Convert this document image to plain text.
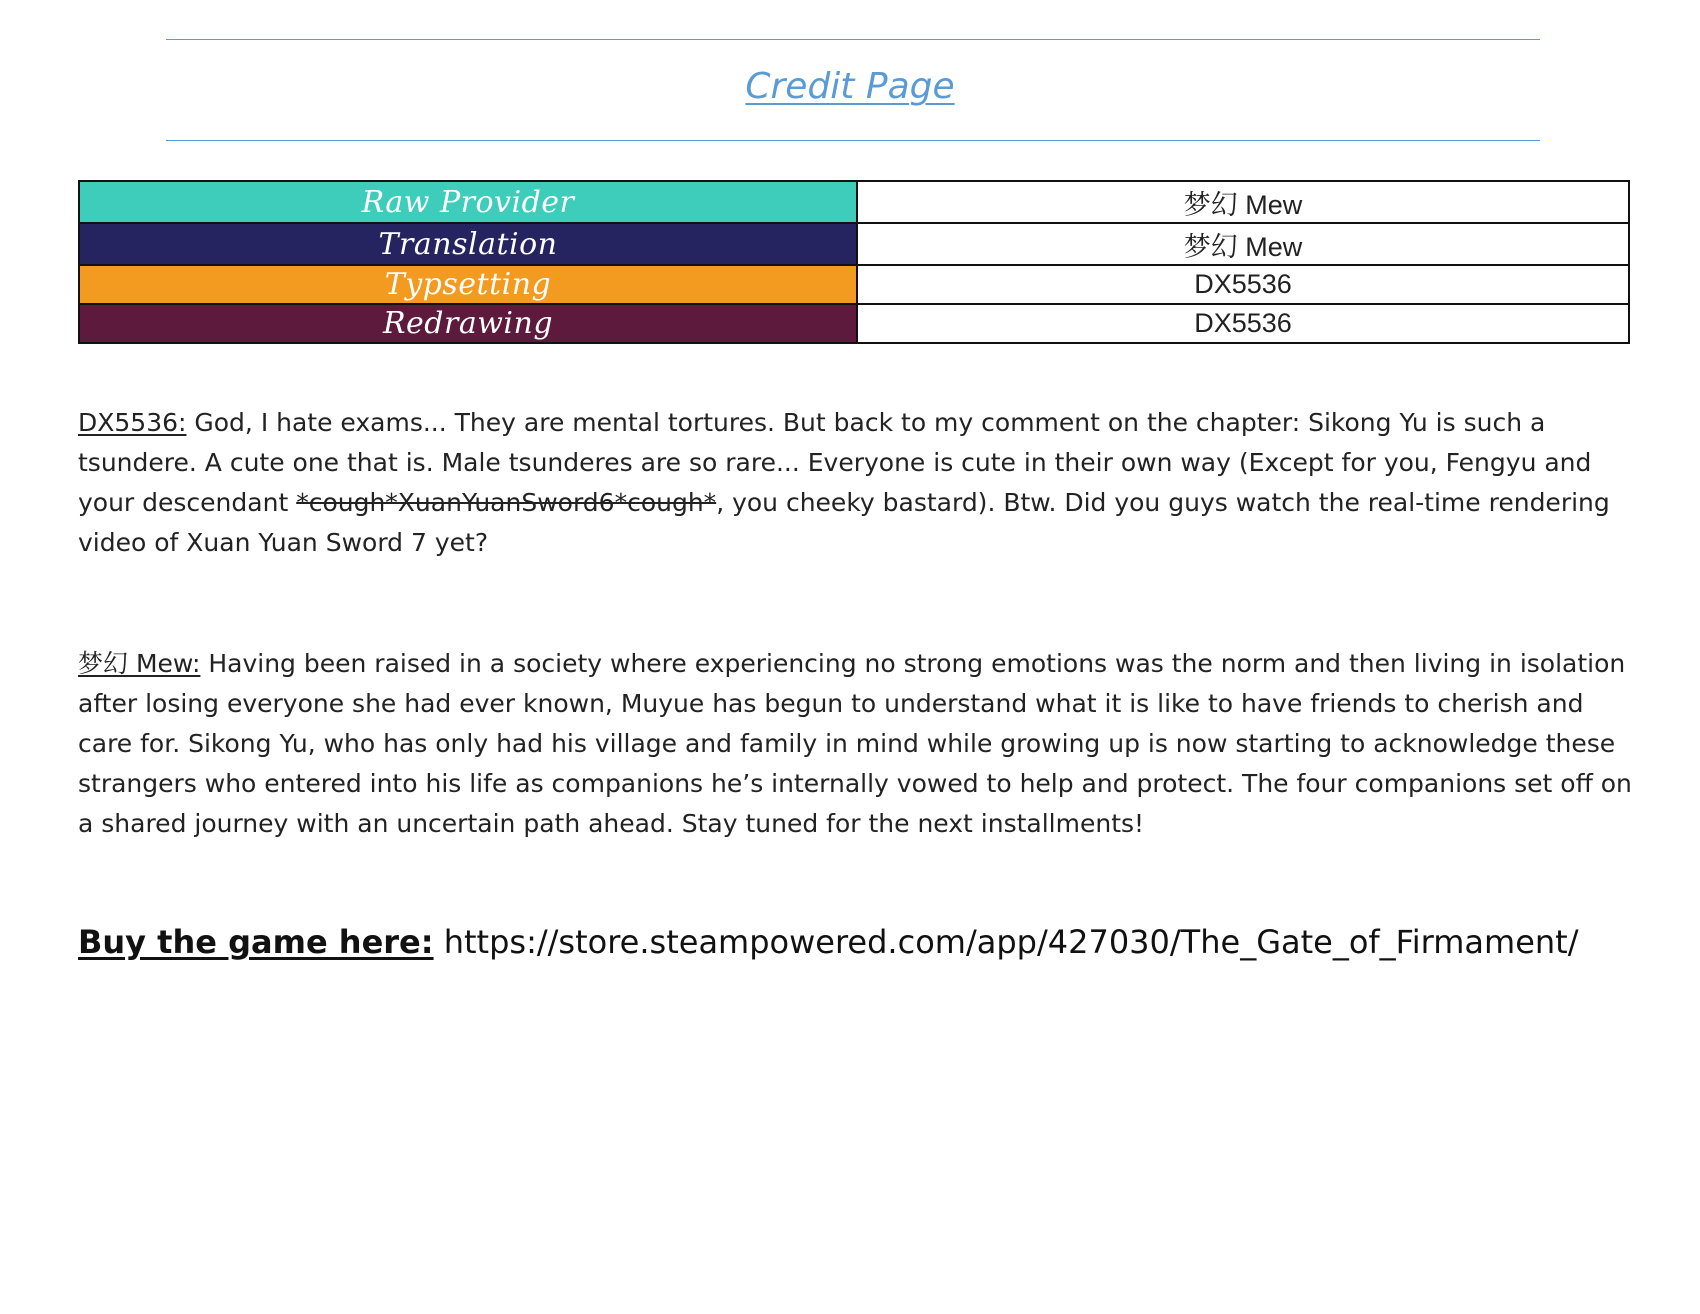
Credit Page
Raw Provider	梦幻 Mew
Translation	梦幻 Mew
Typsetting	DX5536
Redrawing	DX5536

DX5536: God, I hate exams... They are mental tortures. But back to my comment on the chapter: Sikong Yu is such a tsundere. A cute one that is. Male tsunderes are so rare... Everyone is cute in their own way (Except for you, Fengyu and your descendant *cough*XuanYuanSword6*cough*, you cheeky bastard). Btw. Did you guys watch the real-time rendering video of Xuan Yuan Sword 7 yet?

梦幻 Mew: Having been raised in a society where experiencing no strong emotions was the norm and then living in isolation after losing everyone she had ever known, Muyue has begun to understand what it is like to have friends to cherish and care for. Sikong Yu, who has only had his village and family in mind while growing up is now starting to acknowledge these strangers who entered into his life as companions he’s internally vowed to help and protect. The four companions set off on a shared journey with an uncertain path ahead. Stay tuned for the next installments!

Buy the game here: https://store.steampowered.com/app/427030/The_Gate_of_Firmament/
